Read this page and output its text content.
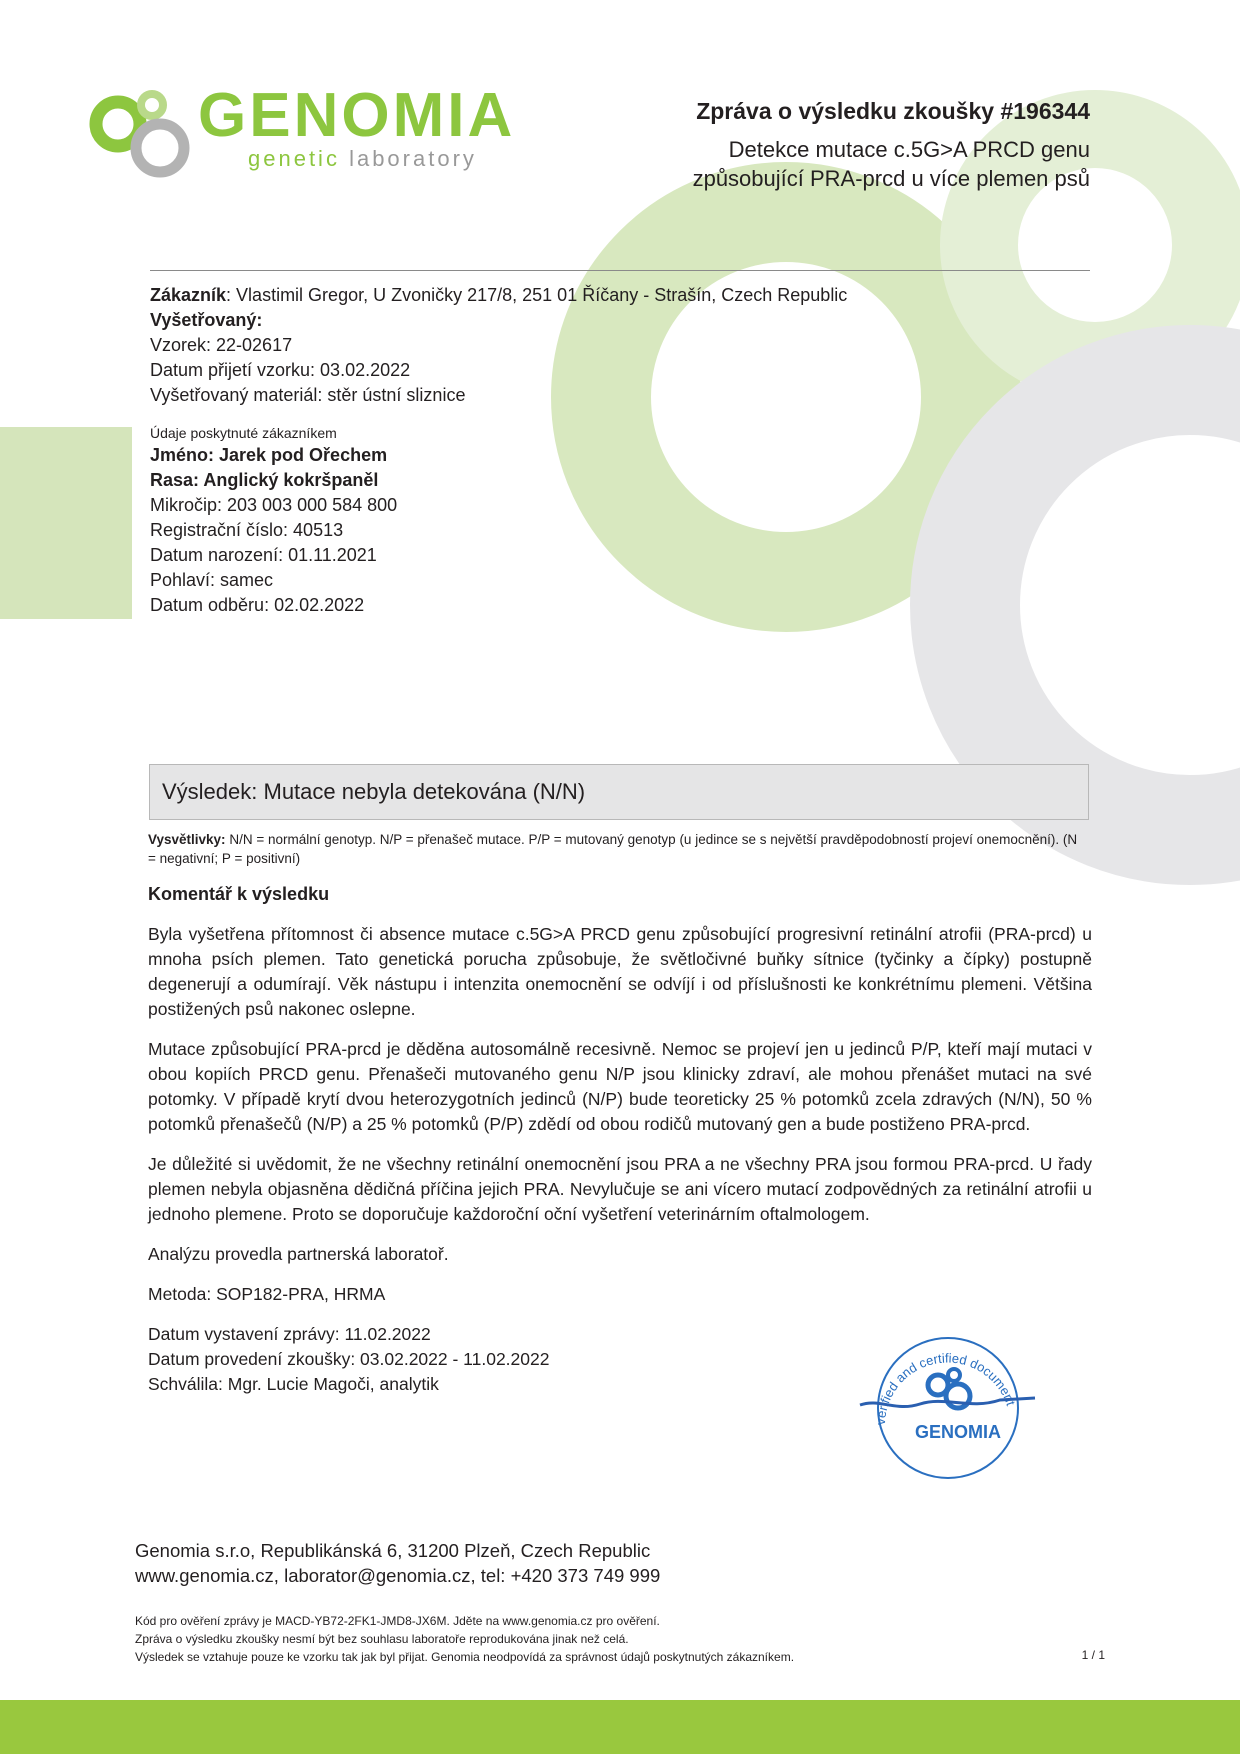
GENOMIA
genetic laboratory
Zpráva o výsledku zkoušky #196344
Detekce mutace c.5G>A PRCD genu
způsobující PRA-prcd u více plemen psů
Zákazník: Vlastimil Gregor, U Zvoničky 217/8, 251 01 Říčany - Strašín, Czech Republic
Vyšetřovaný:
Vzorek: 22-02617
Datum přijetí vzorku: 03.02.2022
Vyšetřovaný materiál: stěr ústní sliznice
Údaje poskytnuté zákazníkem
Jméno: Jarek pod Ořechem
Rasa: Anglický kokršpaněl
Mikročip: 203 003 000 584 800
Registrační číslo: 40513
Datum narození: 01.11.2021
Pohlaví: samec
Datum odběru: 02.02.2022
Výsledek: Mutace nebyla detekována (N/N)
Vysvětlivky: N/N = normální genotyp. N/P = přenašeč mutace. P/P = mutovaný genotyp (u jedince se s největší pravděpodobností projeví onemocnění). (N = negativní; P = positivní)
Komentář k výsledku

Byla vyšetřena přítomnost či absence mutace c.5G>A PRCD genu způsobující progresivní retinální atrofii (PRA-prcd) u mnoha psích plemen. Tato genetická porucha způsobuje, že světločivné buňky sítnice (tyčinky a čípky) postupně degenerují a odumírají. Věk nástupu i intenzita onemocnění se odvíjí i od příslušnosti ke konkrétnímu plemeni. Většina postižených psů nakonec oslepne.

Mutace způsobující PRA-prcd je děděna autosomálně recesivně. Nemoc se projeví jen u jedinců P/P, kteří mají mutaci v obou kopiích PRCD genu. Přenašeči mutovaného genu N/P jsou klinicky zdraví, ale mohou přenášet mutaci na své potomky. V případě krytí dvou heterozygotních jedinců (N/P) bude teoreticky 25 % potomků zcela zdravých (N/N), 50 % potomků přenašečů (N/P) a 25 % potomků (P/P) zdědí od obou rodičů mutovaný gen a bude postiženo PRA-prcd.

Je důležité si uvědomit, že ne všechny retinální onemocnění jsou PRA a ne všechny PRA jsou formou PRA-prcd. U řady plemen nebyla objasněna dědičná příčina jejich PRA. Nevylučuje se ani vícero mutací zodpovědných za retinální atrofii u jednoho plemene. Proto se doporučuje každoroční oční vyšetření veterinárním oftalmologem.

Analýzu provedla partnerská laboratoř.

Metoda: SOP182-PRA, HRMA

Datum vystavení zprávy: 11.02.2022
Datum provedení zkoušky: 03.02.2022 - 11.02.2022
Schválila: Mgr. Lucie Magoči, analytik
verified and certified document
GENOMIA
Genomia s.r.o, Republikánská 6, 31200 Plzeň, Czech Republic
www.genomia.cz, laborator@genomia.cz, tel: +420 373 749 999
Kód pro ověření zprávy je MACD-YB72-2FK1-JMD8-JX6M. Jděte na www.genomia.cz pro ověření.
Zpráva o výsledku zkoušky nesmí být bez souhlasu laboratoře reprodukována jinak než celá.
Výsledek se vztahuje pouze ke vzorku tak jak byl přijat. Genomia neodpovídá za správnost údajů poskytnutých zákazníkem.	1 / 1
